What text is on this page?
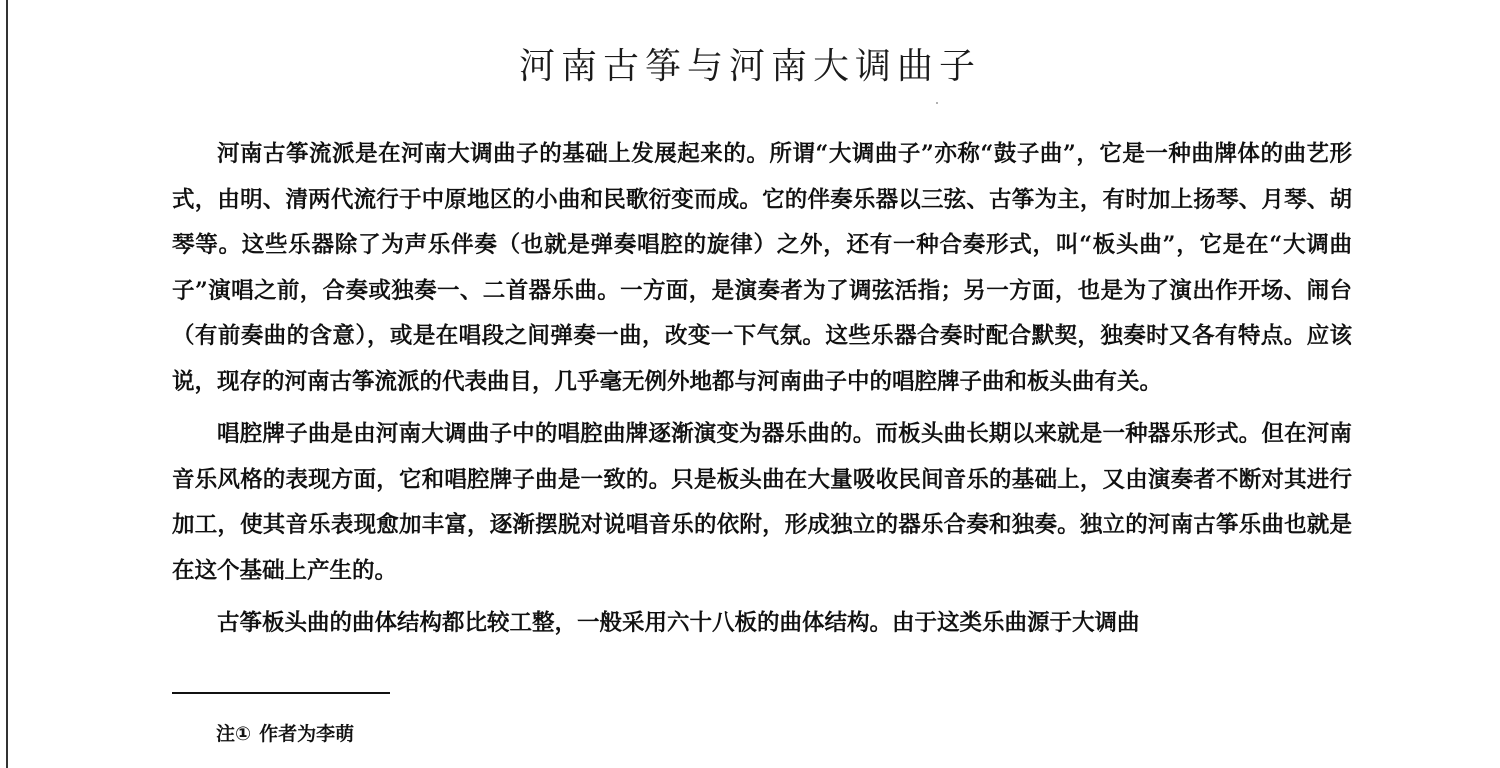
河南古筝与河南大调曲子

河南古筝流派是在河南大调曲子的基础上发展起来的。所谓“大调曲子”亦称“鼓子曲”，它是一种曲牌体的曲艺形式，由明、清两代流行于中原地区的小曲和民歌衍变而成。它的伴奏乐器以三弦、古筝为主，有时加上扬琴、月琴、胡琴等。这些乐器除了为声乐伴奏（也就是弹奏唱腔的旋律）之外，还有一种合奏形式，叫“板头曲”，它是在“大调曲子”演唱之前，合奏或独奏一、二首器乐曲。一方面，是演奏者为了调弦活指；另一方面，也是为了演出作开场、闹台（有前奏曲的含意），或是在唱段之间弹奏一曲，改变一下气氛。这些乐器合奏时配合默契，独奏时又各有特点。应该说，现存的河南古筝流派的代表曲目，几乎毫无例外地都与河南曲子中的唱腔牌子曲和板头曲有关。

唱腔牌子曲是由河南大调曲子中的唱腔曲牌逐渐演变为器乐曲的。而板头曲长期以来就是一种器乐形式。但在河南音乐风格的表现方面，它和唱腔牌子曲是一致的。只是板头曲在大量吸收民间音乐的基础上，又由演奏者不断对其进行加工，使其音乐表现愈加丰富，逐渐摆脱对说唱音乐的依附，形成独立的器乐合奏和独奏。独立的河南古筝乐曲也就是在这个基础上产生的。

古筝板头曲的曲体结构都比较工整，一般采用六十八板的曲体结构。由于这类乐曲源于大调曲

注① 作者为李萌
